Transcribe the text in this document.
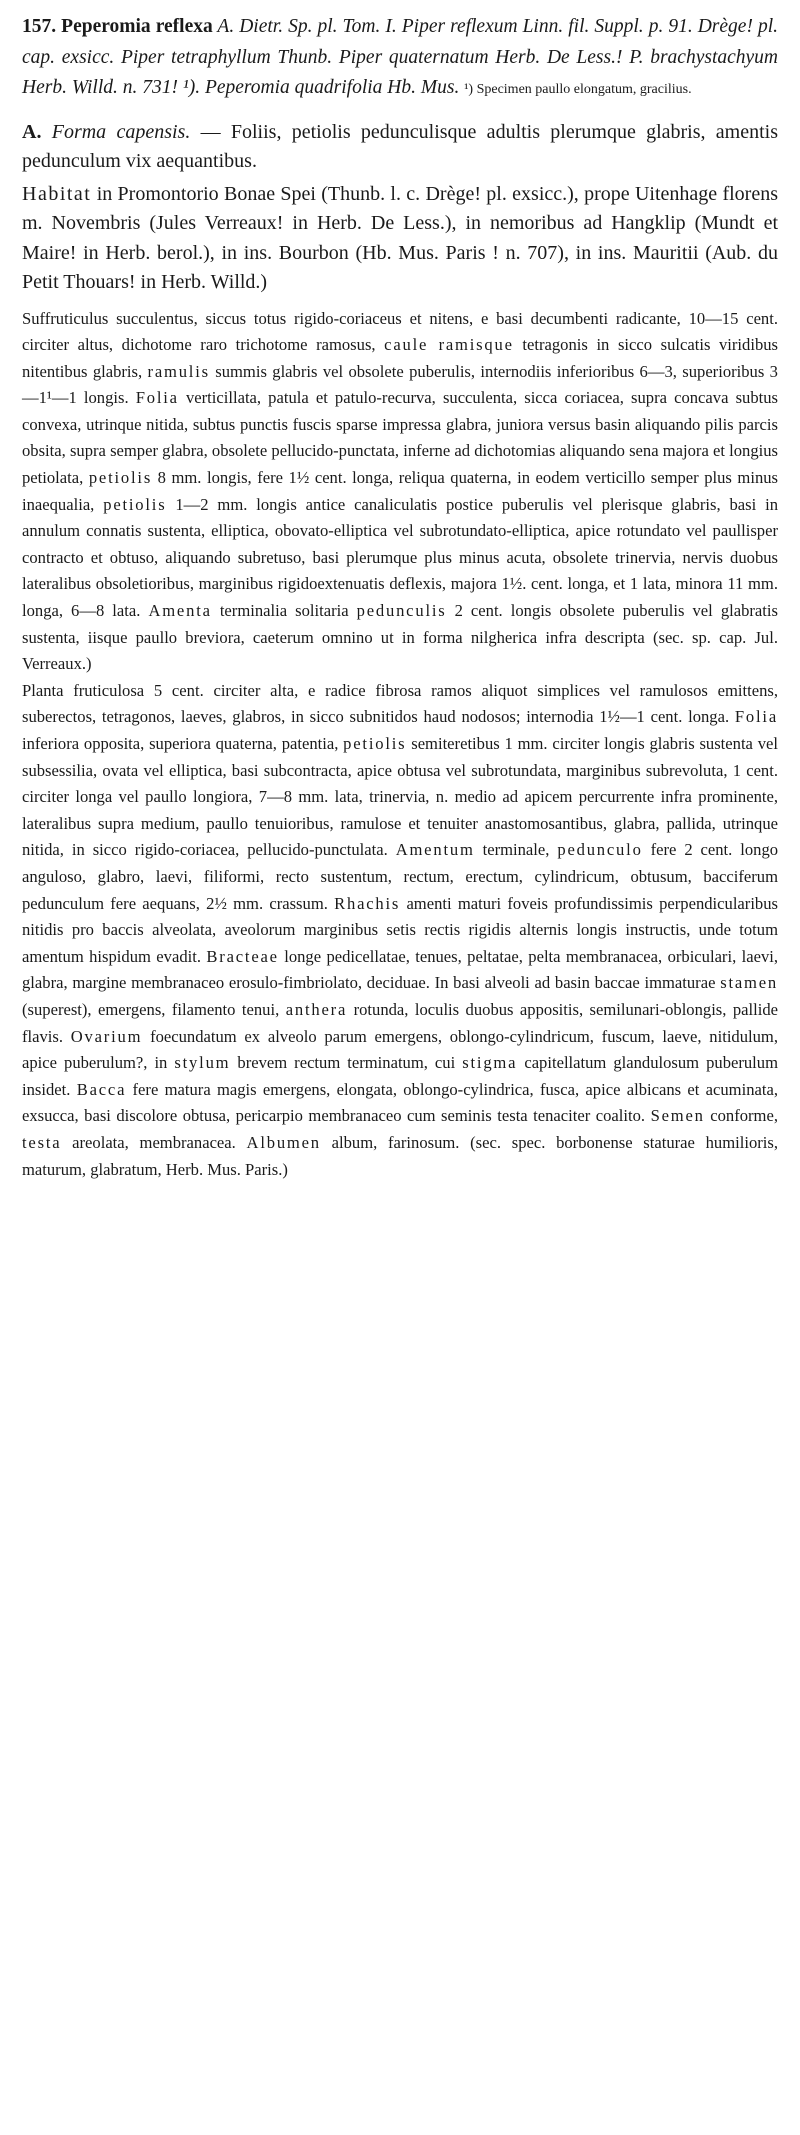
157. Peperomia reflexa A. Dietr. Sp. pl. Tom. I. Piper reflexum Linn. fil. Suppl. p. 91. Drège! pl. cap. exsicc. Piper tetraphyllum Thunb. Piper quaternatum Herb. De Less.! P. brachystachyum Herb. Willd. n. 731! ¹). Peperomia quadrifolia Hb. Mus. ¹) Specimen paullo elongatum, gracilius.

A. Forma capensis. — Foliis, petiolis pedunculisque adultis plerumque glabris, amentis pedunculum vix aequantibus.

Habitat in Promontorio Bonae Spei (Thunb. l. c. Drège! pl. exsicc.), prope Uitenhage florens m. Novembris (Jules Verreaux! in Herb. De Less.), in nemoribus ad Hangklip (Mundt et Maire! in Herb. berol.), in ins. Bourbon (Hb. Mus. Paris ! n. 707), in ins. Mauritii (Aub. du Petit Thouars! in Herb. Willd.)

Suffruticulus succulentus, siccus totus rigido-coriaceus et nitens, e basi decumbenti radicante, 10—15 cent. circiter altus, dichotome raro trichotome ramosus, caule ramisque tetragonis in sicco sulcatis viridibus nitentibus glabris, ramulis summis glabris vel obsolete puberulis, internodiis inferioribus 6—3, superioribus 3—1¹—1 longis. Folia verticillata, patula et patulo-recurva, succulenta, sicca coriacea, supra concava subtus convexa, utrinque nitida, subtus punctis fuscis sparse impressa glabra, juniora versus basin aliquando pilis parcis obsita, supra semper glabra, obsolete pellucido-punctata, inferne ad dichotomias aliquando sena majora et longius petiolata, petiolis 8 mm. longis, fere 1½ cent. longa, reliqua quaterna, in eodem verticillo semper plus minus inaequalia, petiolis 1—2 mm. longis antice canaliculatis postice puberulis vel plerisque glabris, basi in annulum connatis sustenta, elliptica, obovato-elliptica vel subrotundato-elliptica, apice rotundato vel paullisper contracto et obtuso, aliquando subretuso, basi plerumque plus minus acuta, obsolete trinervia, nervis duobus lateralibus obsoletioribus, marginibus rigidoextenuatis deflexis, majora 1½. cent. longa, et 1 lata, minora 11 mm. longa, 6—8 lata. Amenta terminalia solitaria pedunculis 2 cent. longis obsolete puberulis vel glabratis sustenta, iisque paullo breviora, caeterum omnino ut in forma nilgherica infra descripta (sec. sp. cap. Jul. Verreaux.)

Planta fruticulosa 5 cent. circiter alta, e radice fibrosa ramos aliquot simplices vel ramulosos emittens, suberectos, tetragonos, laeves, glabros, in sicco subnitidos haud nodosos; internodia 1½—1 cent. longa. Folia inferiora opposita, superiora quaterna, patentia, petiolis semiteretibus 1 mm. circiter longis glabris sustenta vel subsessilia, ovata vel elliptica, basi subcontracta, apice obtusa vel subrotundata, marginibus subrevoluta, 1 cent. circiter longa vel paullo longiora, 7—8 mm. lata, trinervia, n. medio ad apicem percurrente infra prominente, lateralibus supra medium, paullo tenuioribus, ramulose et tenuiter anastomosantibus, glabra, pallida, utrinque nitida, in sicco rigido-coriacea, pellucido-punctulata. Amentum terminale, pedunculo fere 2 cent. longo anguloso, glabro, laevi, filiformi, recto sustentum, rectum, erectum, cylindricum, obtusum, bacciferum pedunculum fere aequans, 2½ mm. crassum. Rhachis amenti maturi foveis profundissimis perpendicularibus nitidis pro baccis alveolata, aveolorum marginibus setis rectis rigidis alternis longis instructis, unde totum amentum hispidum evadit. Bracteae longe pedicellatae, tenues, peltatae, pelta membranacea, orbiculari, laevi, glabra, margine membranaceo erosulo-fimbriolato, deciduae. In basi alveoli ad basin baccae immaturae stamen (superest), emergens, filamento tenui, anthera rotunda, loculis duobus appositis, semilunari-oblongis, pallide flavis. Ovarium foecundatum ex alveolo parum emergens, oblongo-cylindricum, fuscum, laeve, nitidulum, apice puberulum?, in stylum brevem rectum terminatum, cui stigma capitellatum glandulosum puberulum insidet. Bacca fere matura magis emergens, elongata, oblongo-cylindrica, fusca, apice albicans et acuminata, exsucca, basi discolore obtusa, pericarpio membranaceo cum seminis testa tenaciter coalito. Semen conforme, testa areolata, membranacea. Albumen album, farinosum. (sec. spec. borbonense staturae humilioris, maturum, glabratum, Herb. Mus. Paris.)
